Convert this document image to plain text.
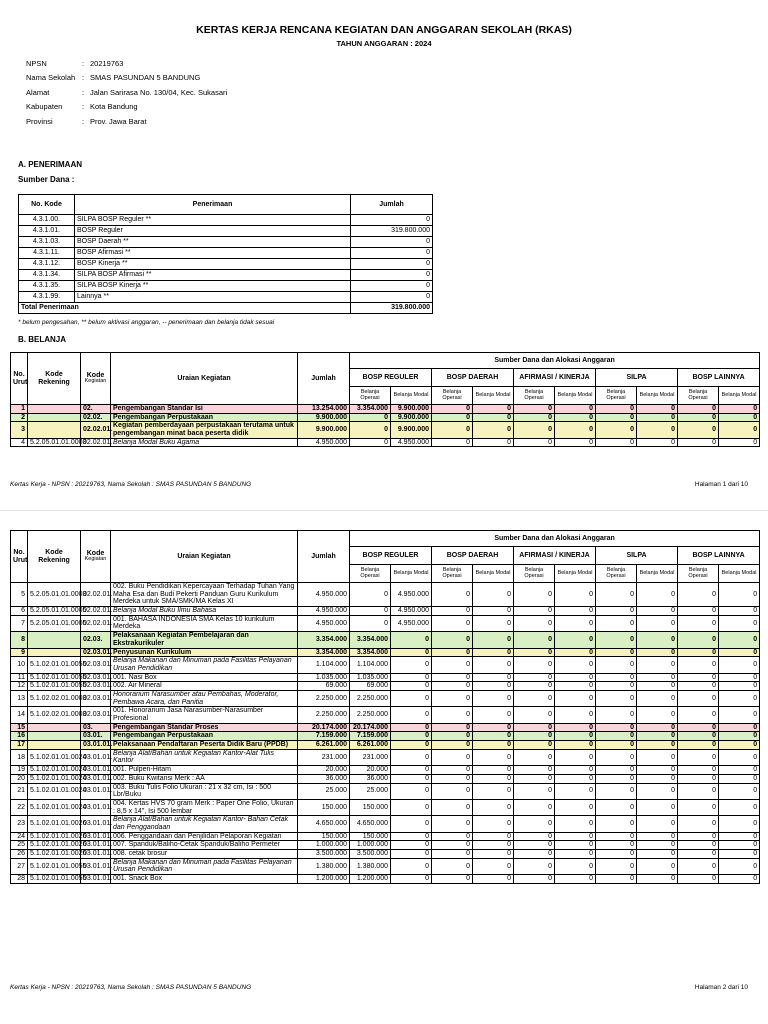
KERTAS KERJA RENCANA KEGIATAN DAN ANGGARAN SEKOLAH (RKAS)
TAHUN ANGGARAN : 2024
NPSN	: 20219763
Nama Sekolah : SMAS PASUNDAN 5 BANDUNG
Alamat	: Jalan Sarirasa No. 130/04, Kec. Sukasari
Kabupaten	: Kota Bandung
Provinsi	: Prov. Jawa Barat
A. PENERIMAAN
Sumber Dana :
No. Kode	Penerimaan	Jumlah
4.3.1.00.	SILPA BOSP Reguler **	0
4.3.1.01.	BOSP Reguler	319.800.000
4.3.1.03.	BOSP Daerah **	0
4.3.1.11.	BOSP Afirmasi **	0
4.3.1.12.	BOSP Kinerja **	0
4.3.1.34.	SILPA BOSP Afirmasi **	0
4.3.1.35.	SILPA BOSP Kinerja **	0
4.3.1.99.	Lainnya **	0
Total Penerimaan		319.800.000
* belum pengesahan, ** belum aktivasi anggaran, -- penerimaan dan belanja tidak sesuai
B. BELANJA
No. Urut	Kode Rekening	Kode
Kegiatan	Uraian Kegiatan	Jumlah	Sumber Dana dan Alokasi Anggaran									
					BOSP REGULER		BOSP DAERAH		AFIRMASI / KINERJA		SILPA		BOSP LAINNYA	
					Belanja Operasi	Belanja Modal	Belanja Operasi	Belanja Modal	Belanja Operasi	Belanja Modal	Belanja Operasi	Belanja Modal	Belanja Operasi	Belanja Modal
1		02.	Pengembangan Standar Isi	13.254.000	3.354.000	9.900.000	0	0	0	0	0	0	0	0
2		02.02.	Pengembangan Perpustakaan	9.900.000	0	9.900.000	0	0	0	0	0	0	0	0
3		02.02.01.	Kegiatan pemberdayaan perpustakaan terutama untuk pengembangan minat baca peserta didik	9.900.000	0	9.900.000	0	0	0	0	0	0	0	0
4	5.2.05.01.01.0003	02.02.01.	Belanja Modal Buku Agama	4.950.000	0	4.950.000	0	0	0	0	0	0	0	0
Kertas Kerja - NPSN : 20219763, Nama Sekolah : SMAS PASUNDAN 5 BANDUNG	Halaman 1 dari 10
No. Urut	Kode Rekening	Kode
Kegiatan	Uraian Kegiatan	Jumlah	Sumber Dana dan Alokasi Anggaran									
					BOSP REGULER		BOSP DAERAH		AFIRMASI / KINERJA		SILPA		BOSP LAINNYA	
					Belanja Operasi	Belanja Modal	Belanja Operasi	Belanja Modal	Belanja Operasi	Belanja Modal	Belanja Operasi	Belanja Modal	Belanja Operasi	Belanja Modal
5	5.2.05.01.01.0003	02.02.01.	002. Buku Pendidikan Kepercayaan Terhadap Tuhan Yang Maha Esa dan Budi Pekerti Panduan Guru Kurikulum Merdeka untuk SMA/SMK/MA Kelas XI	4.950.000	0	4.950.000	0	0	0	0	0	0	0	0
6	5.2.05.01.01.0005	02.02.01.	Belanja Modal Buku Ilmu Bahasa	4.950.000	0	4.950.000	0	0	0	0	0	0	0	0
7	5.2.05.01.01.0005	02.02.01.	001. BAHASA INDONESIA SMA Kelas 10 kurikulum Merdeka	4.950.000	0	4.950.000	0	0	0	0	0	0	0	0
8		02.03.	Pelaksanaan Kegiatan Pembelajaran dan Ekstrakurikuler	3.354.000	3.354.000	0	0	0	0	0	0	0	0	0
9		02.03.01.	Penyusunan Kurikulum	3.354.000	3.354.000	0	0	0	0	0	0	0	0	0
10	5.1.02.01.01.0055	02.03.01.	Belanja Makanan dan Minuman pada Fasilitas Pelayanan Urusan Pendidikan	1.104.000	1.104.000	0	0	0	0	0	0	0	0	0
11	5.1.02.01.01.0055	02.03.01.	001. Nasi Box	1.035.000	1.035.000	0	0	0	0	0	0	0	0	0
12	5.1.02.01.01.0055	02.03.01.	002. Air Mineral	69.000	69.000	0	0	0	0	0	0	0	0	0
13	5.1.02.02.01.0003	02.03.01.	Honorarium Narasumber atau Pembahas, Moderator, Pembawa Acara, dan Panitia	2.250.000	2.250.000	0	0	0	0	0	0	0	0	0
14	5.1.02.02.01.0003	02.03.01.	001. Honorarium Jasa Narasumber-Narasumber Profesional	2.250.000	2.250.000	0	0	0	0	0	0	0	0	0
15		03.	Pengembangan Standar Proses	20.174.000	20.174.000	0	0	0	0	0	0	0	0	0
16		03.01.	Pengembangan Perpustakaan	7.159.000	7.159.000	0	0	0	0	0	0	0	0	0
17		03.01.01.	Pelaksanaan Pendaftaran Peserta Didik Baru (PPDB)	6.261.000	6.261.000	0	0	0	0	0	0	0	0	0
18	5.1.02.01.01.0024	03.01.01.	Belanja Alat/Bahan untuk Kegiatan Kantor-Alat Tulis Kantor	231.000	231.000	0	0	0	0	0	0	0	0	0
19	5.1.02.01.01.0024	03.01.01.	001. Pulpen-Hitam	20.000	20.000	0	0	0	0	0	0	0	0	0
20	5.1.02.01.01.0024	03.01.01.	002. Buku Kwitansi Merk : AA	36.000	36.000	0	0	0	0	0	0	0	0	0
21	5.1.02.01.01.0024	03.01.01.	003. Buku Tulis Folio Ukuran : 21 x 32 cm, Isi : 500 Lbr/Buku	25.000	25.000	0	0	0	0	0	0	0	0	0
22	5.1.02.01.01.0024	03.01.01.	004. Kertas HVS 70 gram Merk : Paper One Folio, Ukuran : 8,5 x 14", Isi 500 lembar	150.000	150.000	0	0	0	0	0	0	0	0	0
23	5.1.02.01.01.0026	03.01.01.	Belanja Alat/Bahan untuk Kegiatan Kantor- Bahan Cetak dan Penggandaan	4.650.000	4.650.000	0	0	0	0	0	0	0	0	0
24	5.1.02.01.01.0026	03.01.01.	006. Penggandaan dan Penjilidan Pelaporan Kegiatan	150.000	150.000	0	0	0	0	0	0	0	0	0
25	5.1.02.01.01.0026	03.01.01.	007. Spanduk/Baliho-Cetak Spanduk/Baliho Permeter	1.000.000	1.000.000	0	0	0	0	0	0	0	0	0
26	5.1.02.01.01.0026	03.01.01.	008. cetak brosur	3.500.000	3.500.000	0	0	0	0	0	0	0	0	0
27	5.1.02.01.01.0055	03.01.01.	Belanja Makanan dan Minuman pada Fasilitas Pelayanan Urusan Pendidikan	1.380.000	1.380.000	0	0	0	0	0	0	0	0	0
28	5.1.02.01.01.0055	03.01.01.	001. Snack Box	1.200.000	1.200.000	0	0	0	0	0	0	0	0	0
Kertas Kerja - NPSN : 20219763, Nama Sekolah : SMAS PASUNDAN 5 BANDUNG	Halaman 2 dari 10
